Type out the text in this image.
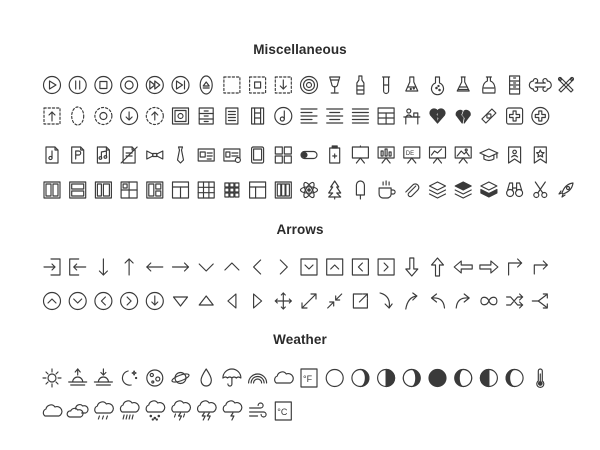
Miscellaneous
Arrows
Weather
DE
°F
°C
